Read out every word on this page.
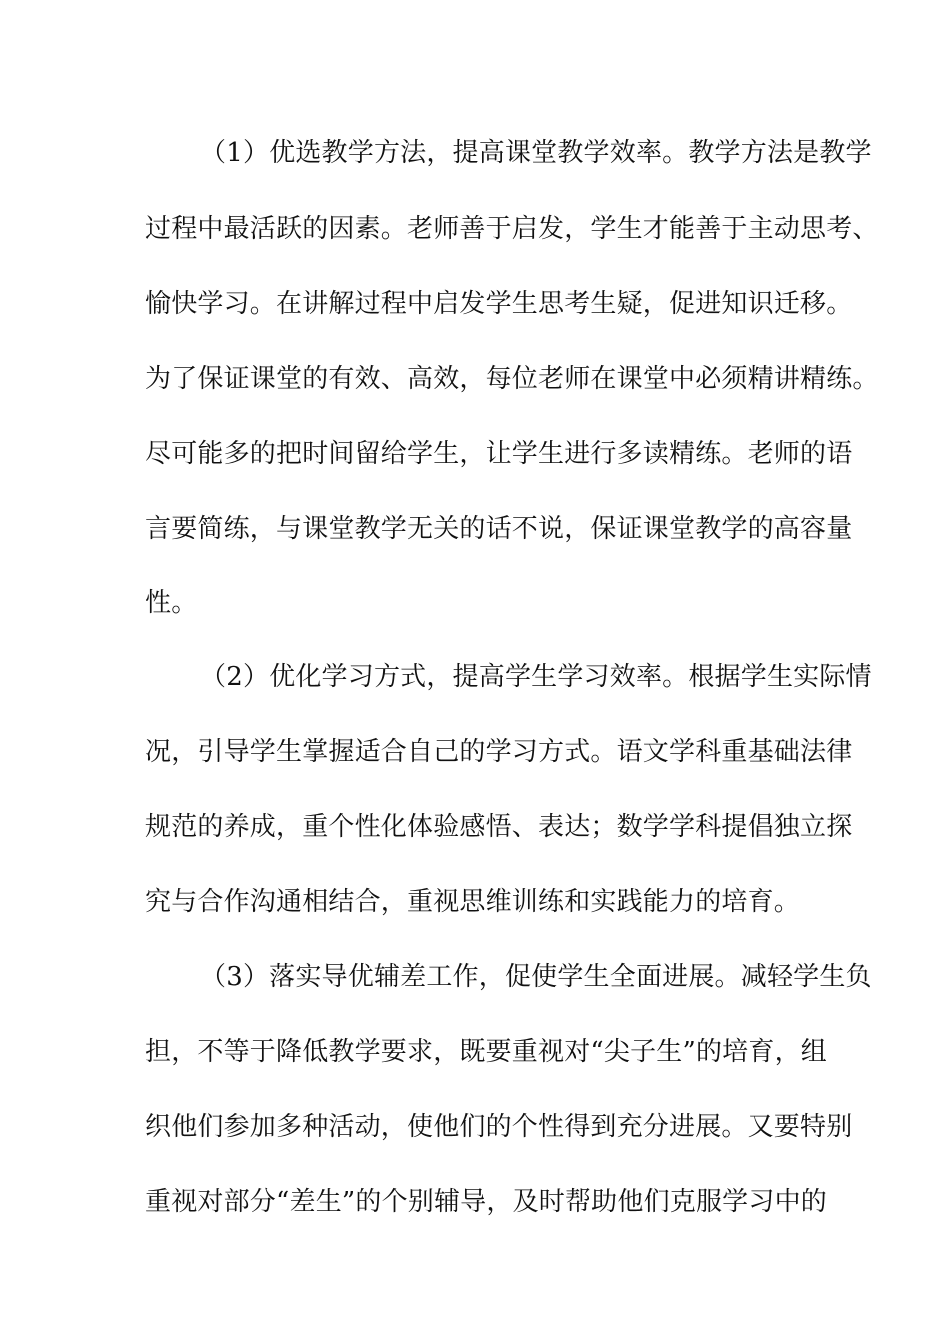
（1）优选教学方法，提高课堂教学效率。教学方法是教学
过程中最活跃的因素。老师善于启发，学生才能善于主动思考、
愉快学习。在讲解过程中启发学生思考生疑，促进知识迁移。
为了保证课堂的有效、高效，每位老师在课堂中必须精讲精练。
尽可能多的把时间留给学生，让学生进行多读精练。老师的语
言要简练，与课堂教学无关的话不说，保证课堂教学的高容量
性。
（2）优化学习方式，提高学生学习效率。根据学生实际情
况，引导学生掌握适合自己的学习方式。语文学科重基础法律
规范的养成，重个性化体验感悟、表达；数学学科提倡独立探
究与合作沟通相结合，重视思维训练和实践能力的培育。
（3）落实导优辅差工作，促使学生全面进展。减轻学生负
担，不等于降低教学要求，既要重视对“尖子生”的培育，组
织他们参加多种活动，使他们的个性得到充分进展。又要特别
重视对部分“差生”的个别辅导，及时帮助他们克服学习中的
